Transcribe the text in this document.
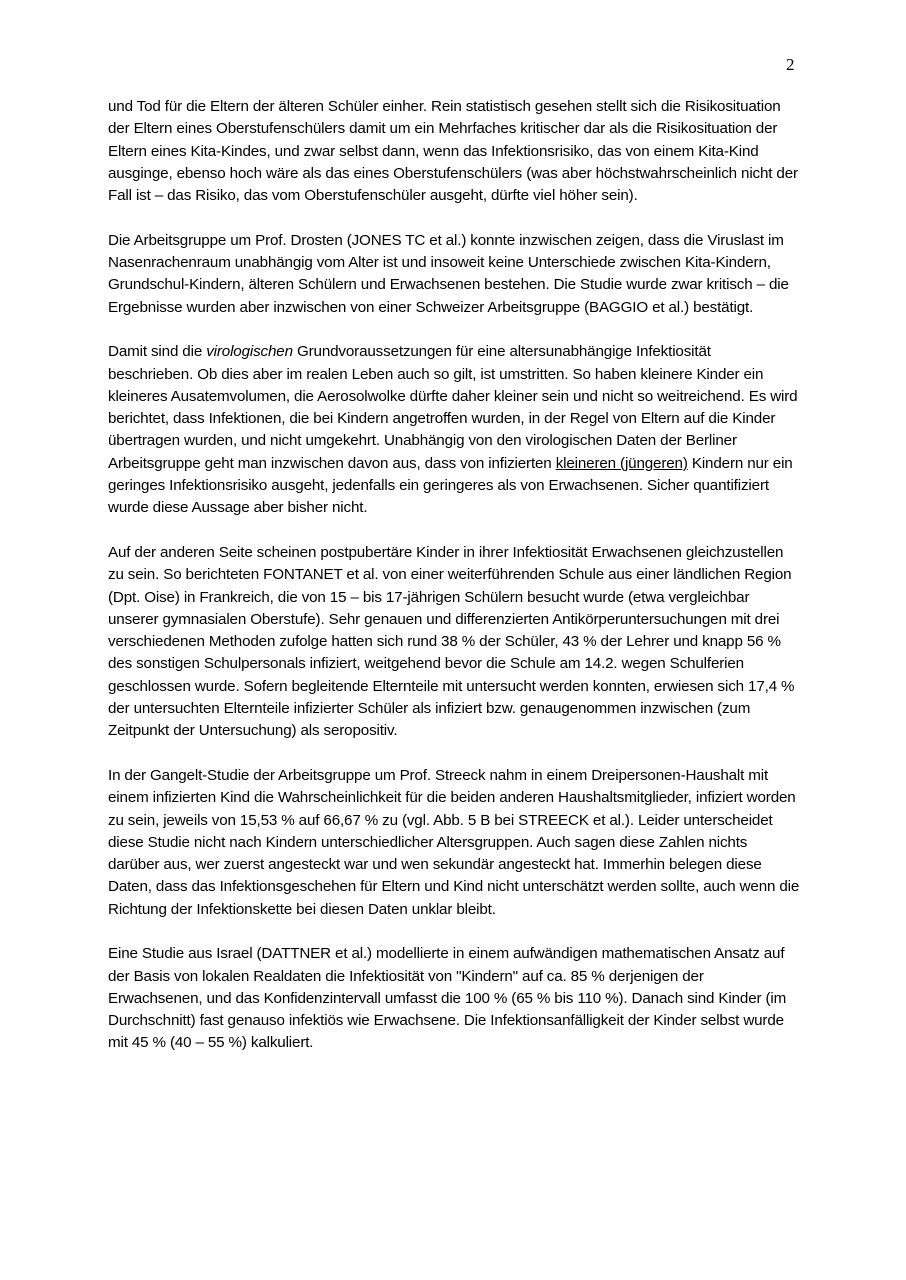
2

und Tod für die Eltern der älteren Schüler einher. Rein statistisch gesehen stellt sich die Risikosituation der Eltern eines Oberstufenschülers damit um ein Mehrfaches kritischer dar als die Risikosituation der Eltern eines Kita-Kindes, und zwar selbst dann, wenn das Infektionsrisiko, das von einem Kita-Kind ausginge, ebenso hoch wäre als das eines Oberstufenschülers (was aber höchstwahrscheinlich nicht der Fall ist – das Risiko, das vom Oberstufenschüler ausgeht, dürfte viel höher sein).

Die Arbeitsgruppe um Prof. Drosten (JONES TC et al.) konnte inzwischen zeigen, dass die Viruslast im Nasenrachenraum unabhängig vom Alter ist und insoweit keine Unterschiede zwischen Kita-Kindern, Grundschul-Kindern, älteren Schülern und Erwachsenen bestehen. Die Studie wurde zwar kritisch – die Ergebnisse wurden aber inzwischen von einer Schweizer Arbeitsgruppe (BAGGIO et al.) bestätigt.

Damit sind die virologischen Grundvoraussetzungen für eine altersunabhängige Infektiosität beschrieben. Ob dies aber im realen Leben auch so gilt, ist umstritten. So haben kleinere Kinder ein kleineres Ausatemvolumen, die Aerosolwolke dürfte daher kleiner sein und nicht so weitreichend. Es wird berichtet, dass Infektionen, die bei Kindern angetroffen wurden, in der Regel von Eltern auf die Kinder übertragen wurden, und nicht umgekehrt. Unabhängig von den virologischen Daten der Berliner Arbeitsgruppe geht man inzwischen davon aus, dass von infizierten kleineren (jüngeren) Kindern nur ein geringes Infektionsrisiko ausgeht, jedenfalls ein geringeres als von Erwachsenen. Sicher quantifiziert wurde diese Aussage aber bisher nicht.

Auf der anderen Seite scheinen postpubertäre Kinder in ihrer Infektiosität Erwachsenen gleichzustellen zu sein. So berichteten FONTANET et al. von einer weiterführenden Schule aus einer ländlichen Region (Dpt. Oise) in Frankreich, die von 15 – bis 17-jährigen Schülern besucht wurde (etwa vergleichbar unserer gymnasialen Oberstufe). Sehr genauen und differenzierten Antikörperuntersuchungen mit drei verschiedenen Methoden zufolge hatten sich rund 38 % der Schüler, 43 % der Lehrer und knapp 56 % des sonstigen Schulpersonals infiziert, weitgehend bevor die Schule am 14.2. wegen Schulferien geschlossen wurde. Sofern begleitende Elternteile mit untersucht werden konnten, erwiesen sich 17,4 % der untersuchten Elternteile infizierter Schüler als infiziert bzw. genaugenommen inzwischen (zum Zeitpunkt der Untersuchung) als seropositiv.

In der Gangelt-Studie der Arbeitsgruppe um Prof. Streeck nahm in einem Dreipersonen-Haushalt mit einem infizierten Kind die Wahrscheinlichkeit für die beiden anderen Haushaltsmitglieder, infiziert worden zu sein, jeweils von 15,53 % auf 66,67 % zu (vgl. Abb. 5 B bei STREECK et al.). Leider unterscheidet diese Studie nicht nach Kindern unterschiedlicher Altersgruppen. Auch sagen diese Zahlen nichts darüber aus, wer zuerst angesteckt war und wen sekundär angesteckt hat. Immerhin belegen diese Daten, dass das Infektionsgeschehen für Eltern und Kind nicht unterschätzt werden sollte, auch wenn die Richtung der Infektionskette bei diesen Daten unklar bleibt.

Eine Studie aus Israel (DATTNER et al.) modellierte in einem aufwändigen mathematischen Ansatz auf der Basis von lokalen Realdaten die Infektiosität von "Kindern" auf ca. 85 % derjenigen der Erwachsenen, und das Konfidenzintervall umfasst die 100 % (65 % bis 110 %). Danach sind Kinder (im Durchschnitt) fast genauso infektiös wie Erwachsene. Die Infektionsanfälligkeit der Kinder selbst wurde mit 45 % (40 – 55 %) kalkuliert.
